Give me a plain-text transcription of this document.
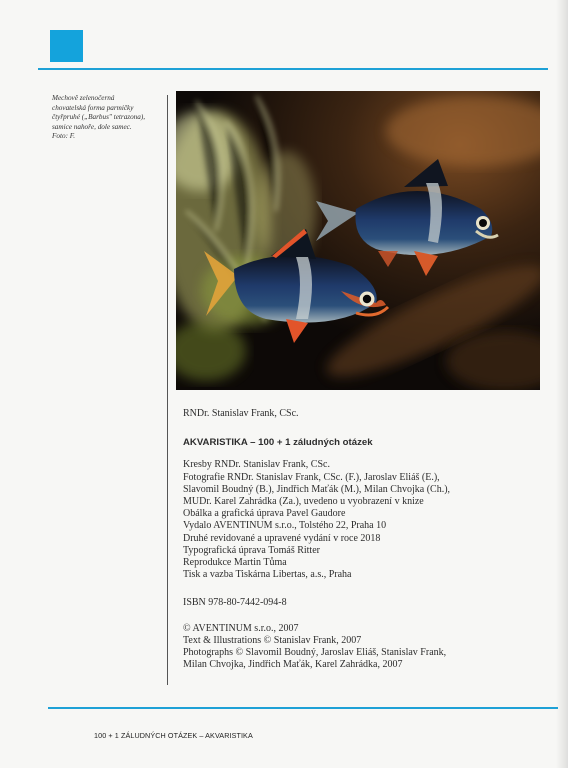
Mechově zelenočerná
chovatelská forma parmičky
čtyřpruhé („Barbus" tetrazona),
samice nahoře, dole samec.
Foto: F.

RNDr. Stanislav Frank, CSc.

AKVARISTIKA – 100 + 1 záludných otázek

Kresby RNDr. Stanislav Frank, CSc.
Fotografie RNDr. Stanislav Frank, CSc. (F.), Jaroslav Eliáš (E.),
Slavomil Boudný (B.), Jindřich Maťák (M.), Milan Chvojka (Ch.),
MUDr. Karel Zahrádka (Za.), uvedeno u vyobrazení v knize
Obálka a grafická úprava Pavel Gaudore
Vydalo AVENTINUM s.r.o., Tolstého 22, Praha 10
Druhé revidované a upravené vydání v roce 2018
Typografická úprava Tomáš Ritter
Reprodukce Martin Tůma
Tisk a vazba Tiskárna Libertas, a.s., Praha

ISBN 978-80-7442-094-8

© AVENTINUM s.r.o., 2007
Text & Illustrations © Stanislav Frank, 2007
Photographs © Slavomil Boudný, Jaroslav Eliáš, Stanislav Frank,
Milan Chvojka, Jindřich Maťák, Karel Zahrádka, 2007
100 + 1 ZÁLUDNÝCH OTÁZEK – AKVARISTIKA
